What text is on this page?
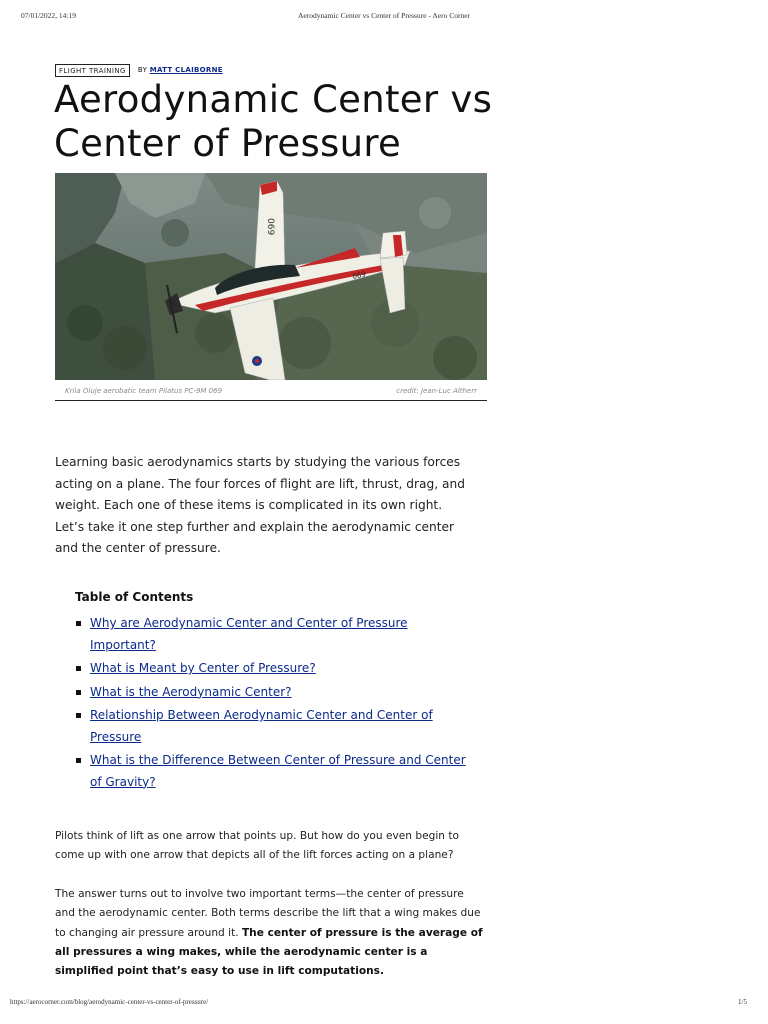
07/01/2022, 14:19	Aerodynamic Center vs Center of Pressure - Aero Corner
FLIGHT TRAINING	BY MATT CLAIBORNE
Aerodynamic Center vs
Center of Pressure
069
069
Krila Oluje aerobatic team Pilatus PC-9M 069	credit: Jean-Luc Altherr

Learning basic aerodynamics starts by studying the various forces acting on a plane. The four forces of flight are lift, thrust, drag, and weight. Each one of these items is complicated in its own right. Let’s take it one step further and explain the aerodynamic center and the center of pressure.

Table of Contents
Why are Aerodynamic Center and Center of Pressure Important?
What is Meant by Center of Pressure?
What is the Aerodynamic Center?
Relationship Between Aerodynamic Center and Center of Pressure
What is the Difference Between Center of Pressure and Center of Gravity?

Pilots think of lift as one arrow that points up. But how do you even begin to come up with one arrow that depicts all of the lift forces acting on a plane?

The answer turns out to involve two important terms—the center of pressure and the aerodynamic center. Both terms describe the lift that a wing makes due to changing air pressure around it. The center of pressure is the average of all pressures a wing makes, while the aerodynamic center is a simplified point that’s easy to use in lift computations.

https://aerocorner.com/blog/aerodynamic-center-vs-center-of-pressure/	1/5
